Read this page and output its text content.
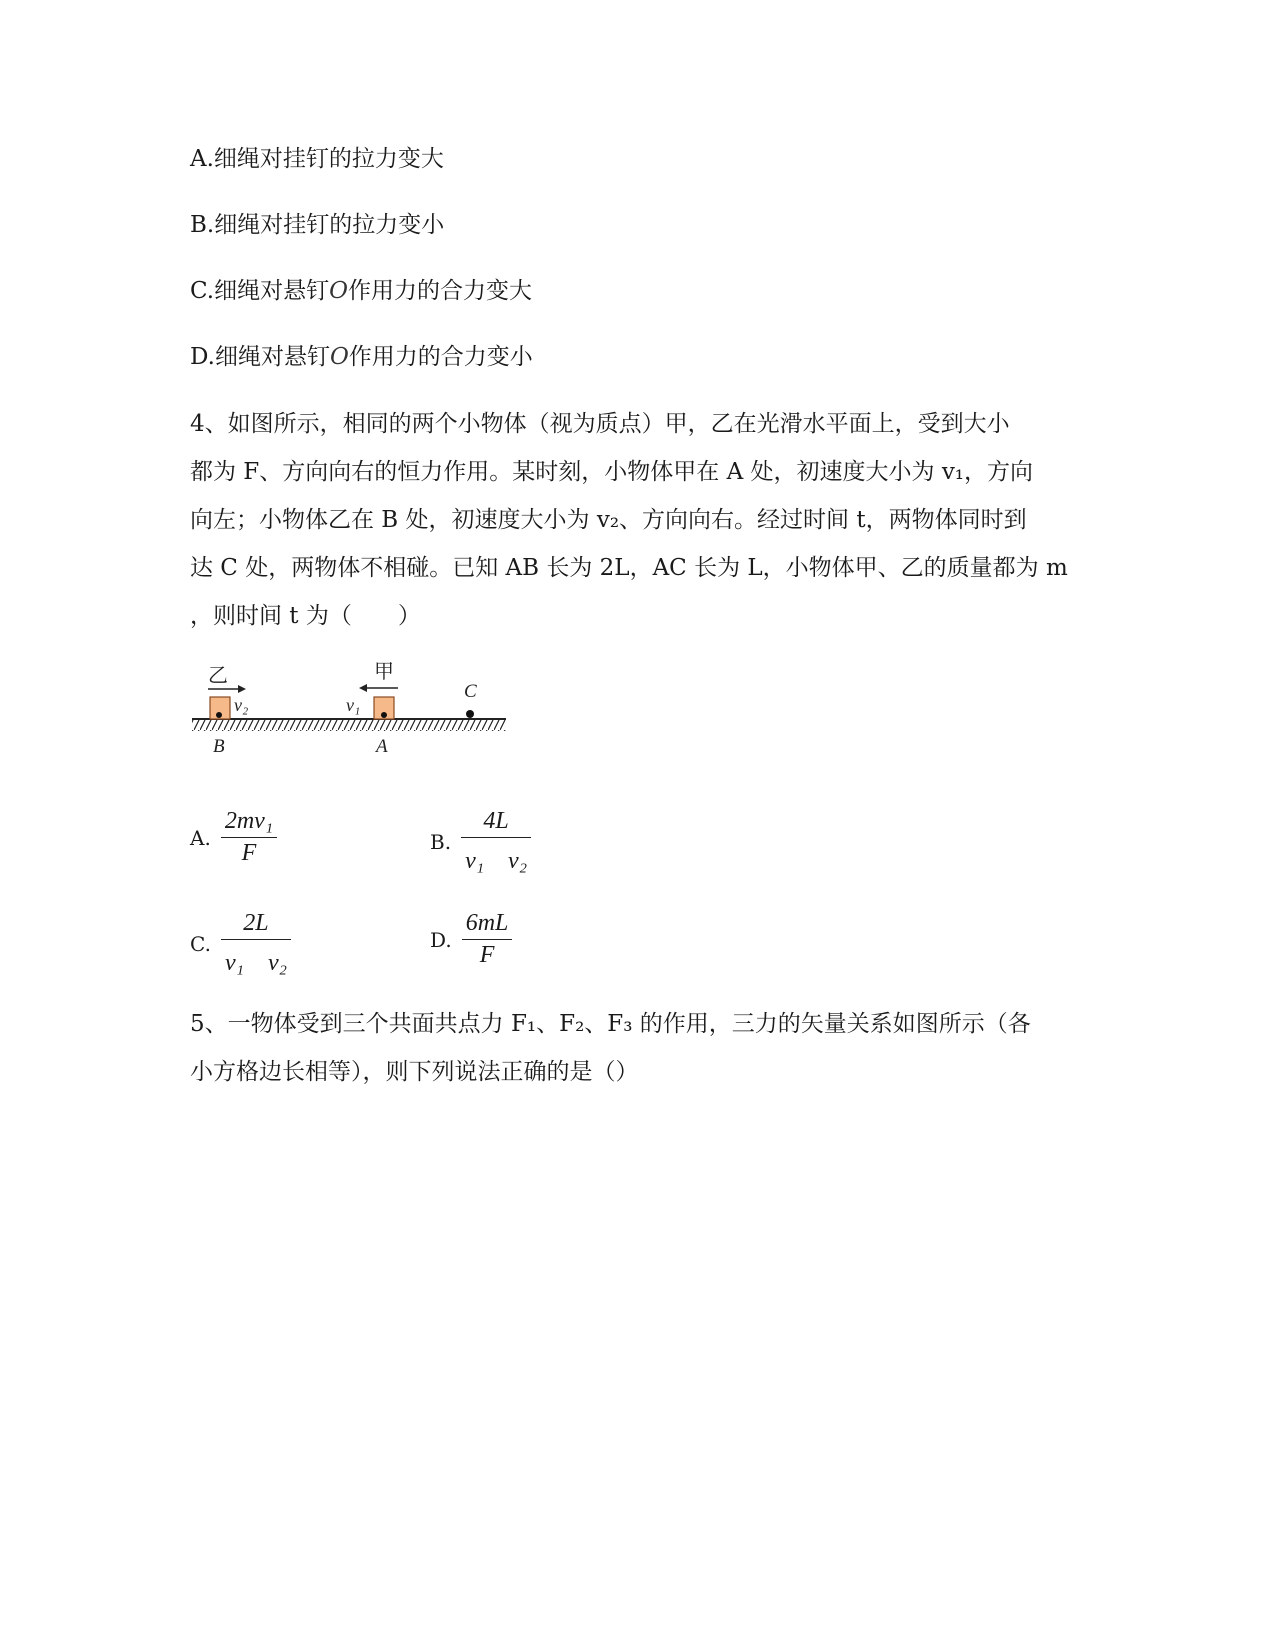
A.细绳对挂钉的拉力变大
B.细绳对挂钉的拉力变小
C.细绳对悬钉O作用力的合力变大
D.细绳对悬钉O作用力的合力变小
4、如图所示，相同的两个小物体（视为质点）甲，乙在光滑水平面上，受到大小
都为 F、方向向右的恒力作用。某时刻，小物体甲在 A 处，初速度大小为 v₁，方向
向左；小物体乙在 B 处，初速度大小为 v₂、方向向右。经过时间 t，两物体同时到
达 C 处，两物体不相碰。已知 AB 长为 2L，AC 长为 L，小物体甲、乙的质量都为 m
，则时间 t 为（　　）
乙
v₂
B
甲
v₁
A
C
A. $\frac{\text{2mv₁}}{F}$	B. $\frac{4L}{\text{v₁　v₂}}$
C. $\frac{2L}{\text{v₁　v₂}}$	D. $\frac{6mL}{F}$
5、一物体受到三个共面共点力 F₁、F₂、F₃ 的作用，三力的矢量关系如图所示（各
小方格边长相等），则下列说法正确的是（）
